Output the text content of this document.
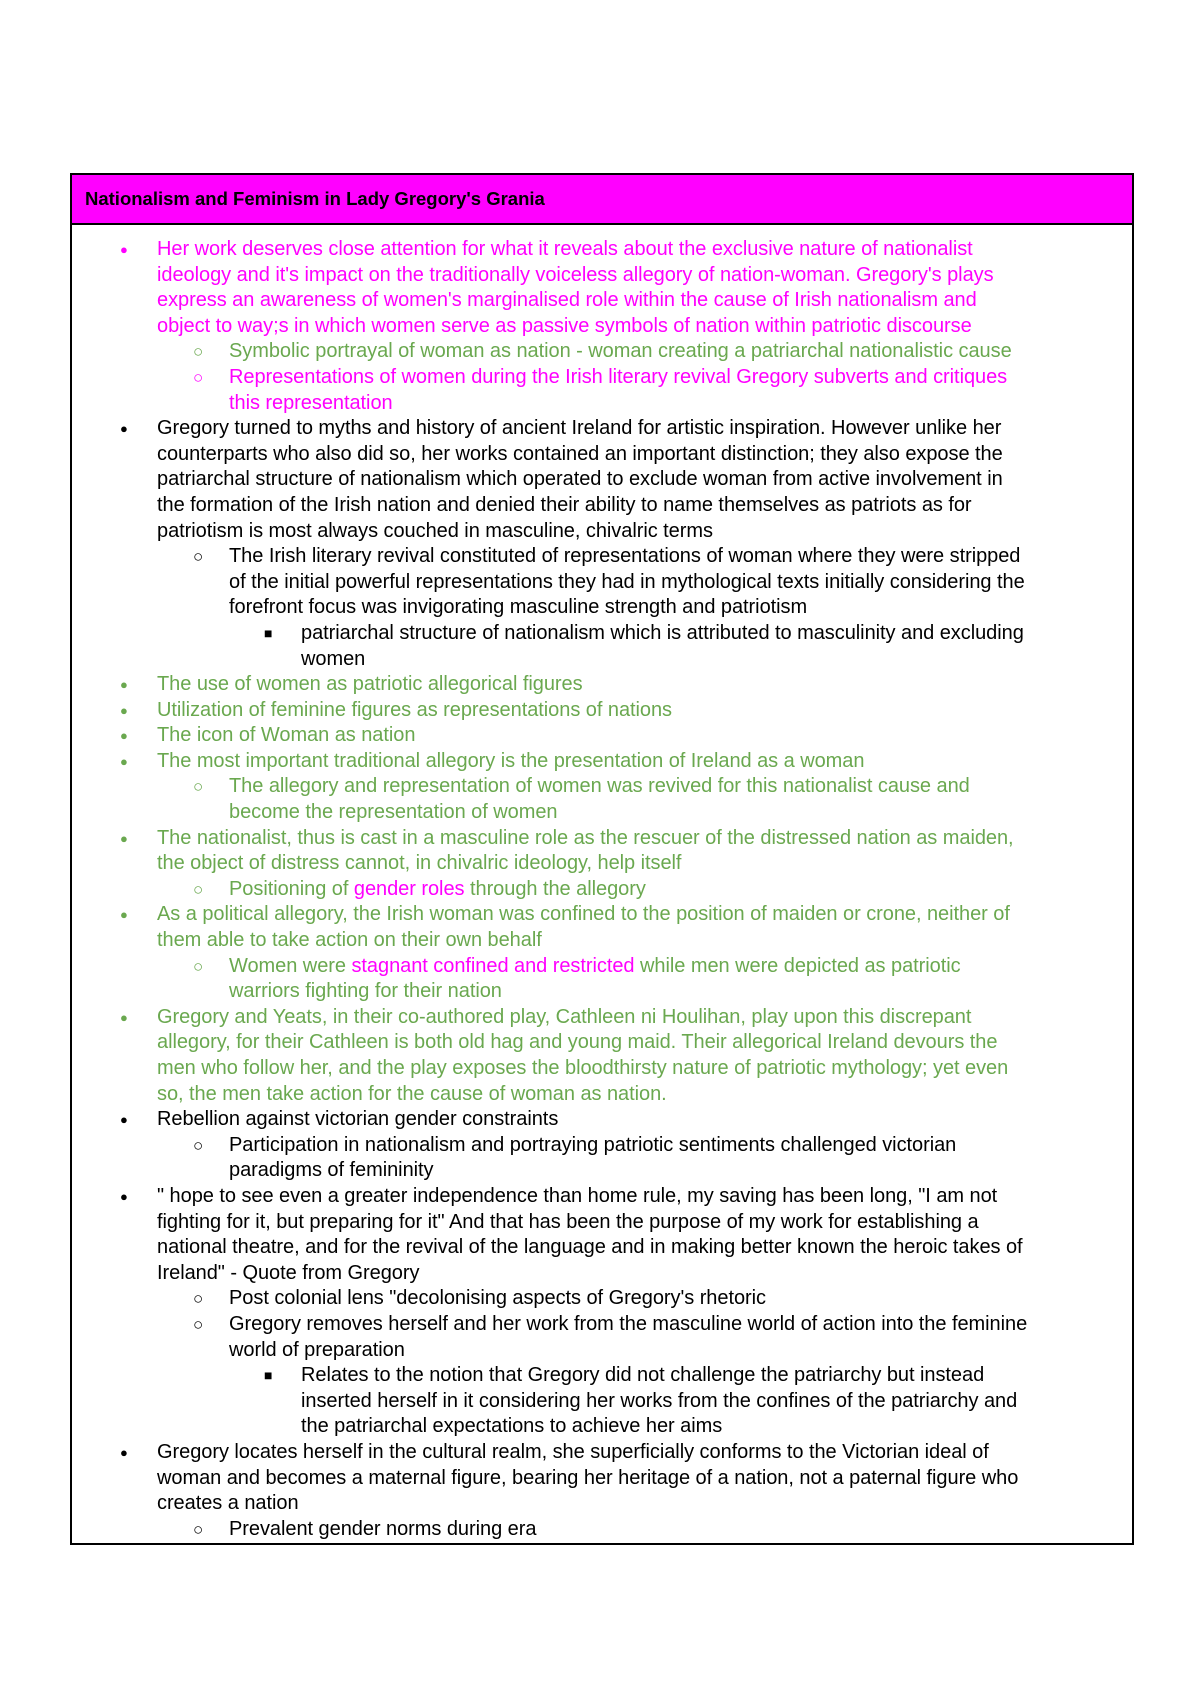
Nationalism and Feminism in Lady Gregory's Grania
● Her work deserves close attention for what it reveals about the exclusive nature of nationalist
ideology and it's impact on the traditionally voiceless allegory of nation-woman. Gregory's plays
express an awareness of women's marginalised role within the cause of Irish nationalism and
object to way;s in which women serve as passive symbols of nation within patriotic discourse
○ Symbolic portrayal of woman as nation - woman creating a patriarchal nationalistic cause
○ Representations of women during the Irish literary revival Gregory subverts and critiques
this representation
● Gregory turned to myths and history of ancient Ireland for artistic inspiration. However unlike her
counterparts who also did so, her works contained an important distinction; they also expose the
patriarchal structure of nationalism which operated to exclude woman from active involvement in
the formation of the Irish nation and denied their ability to name themselves as patriots as for
patriotism is most always couched in masculine, chivalric terms
○ The Irish literary revival constituted of representations of woman where they were stripped
of the initial powerful representations they had in mythological texts initially considering the
forefront focus was invigorating masculine strength and patriotism
■ patriarchal structure of nationalism which is attributed to masculinity and excluding
women
● The use of women as patriotic allegorical figures
● Utilization of feminine figures as representations of nations
● The icon of Woman as nation
● The most important traditional allegory is the presentation of Ireland as a woman
○ The allegory and representation of women was revived for this nationalist cause and
become the representation of women
● The nationalist, thus is cast in a masculine role as the rescuer of the distressed nation as maiden,
the object of distress cannot, in chivalric ideology, help itself
○ Positioning of gender roles through the allegory
● As a political allegory, the Irish woman was confined to the position of maiden or crone, neither of
them able to take action on their own behalf
○ Women were stagnant confined and restricted while men were depicted as patriotic
warriors fighting for their nation
● Gregory and Yeats, in their co-authored play, Cathleen ni Houlihan, play upon this discrepant
allegory, for their Cathleen is both old hag and young maid. Their allegorical Ireland devours the
men who follow her, and the play exposes the bloodthirsty nature of patriotic mythology; yet even
so, the men take action for the cause of woman as nation.
● Rebellion against victorian gender constraints
○ Participation in nationalism and portraying patriotic sentiments challenged victorian
paradigms of femininity
● " hope to see even a greater independence than home rule, my saving has been long, "I am not
fighting for it, but preparing for it" And that has been the purpose of my work for establishing a
national theatre, and for the revival of the language and in making better known the heroic takes of
Ireland" - Quote from Gregory
○ Post colonial lens "decolonising aspects of Gregory's rhetoric
○ Gregory removes herself and her work from the masculine world of action into the feminine
world of preparation
■ Relates to the notion that Gregory did not challenge the patriarchy but instead
inserted herself in it considering her works from the confines of the patriarchy and
the patriarchal expectations to achieve her aims
● Gregory locates herself in the cultural realm, she superficially conforms to the Victorian ideal of
woman and becomes a maternal figure, bearing her heritage of a nation, not a paternal figure who
creates a nation
○ Prevalent gender norms during era
